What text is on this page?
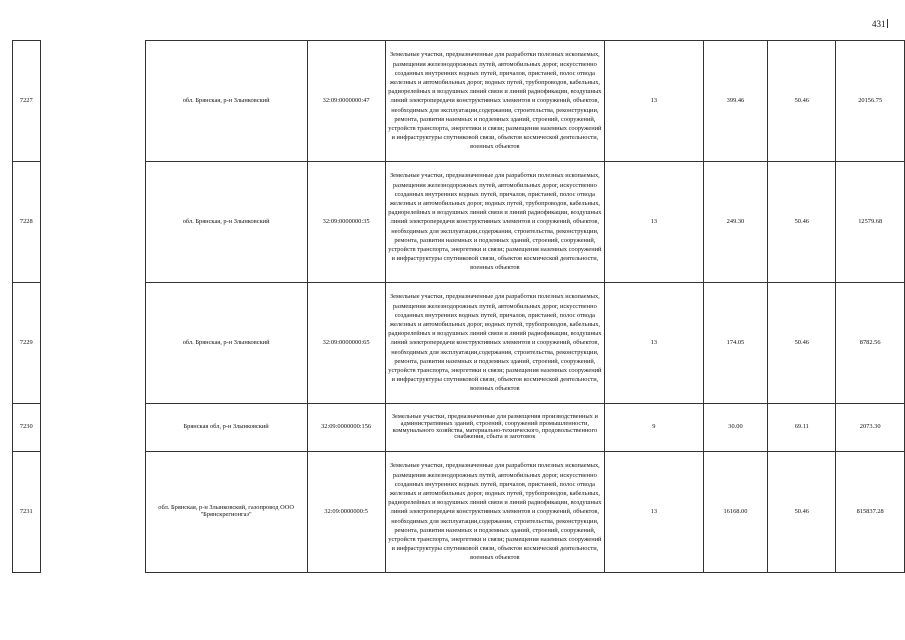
431
7227		обл. Брянская, р-н Злынковский	32:09:0000000:47	Земельные участки, предназначенные для разработки полезных ископаемых, размещения железнодорожных путей, автомобильных дорог, искусственно созданных внутренних водных путей, причалов, пристаней, полос отвода железных и автомобильных дорог, водных путей, трубопроводов, кабельных, радиорелейных и воздушных линий связи и линий радиофикации, воздушных линий электропередачи конструктивных элементов и сооружений, объектов, необходимых для эксплуатации,содержания, строительства, реконструкции, ремонта, развития наземных и подземных зданий, строений, сооружений, устройств транспорта, энергетики и связи; размещения наземных сооружений и инфраструктуры спутниковой связи, объектов космической деятельности, военных объектов	13	399.46	50.46	20156.75
7228		обл. Брянская, р-н Злынковский	32:09:0000000:35	Земельные участки, предназначенные для разработки полезных ископаемых, размещения железнодорожных путей, автомобильных дорог, искусственно созданных внутренних водных путей, причалов, пристаней, полос отвода железных и автомобильных дорог, водных путей, трубопроводов, кабельных, радиорелейных и воздушных линий связи и линий радиофикации, воздушных линий электропередачи конструктивных элементов и сооружений, объектов, необходимых для эксплуатации,содержания, строительства, реконструкции, ремонта, развития наземных и подземных зданий, строений, сооружений, устройств транспорта, энергетики и связи; размещения наземных сооружений и инфраструктуры спутниковой связи, объектов космической деятельности, военных объектов	13	249.30	50.46	12579.68
7229		обл. Брянская, р-н Злынковский	32:09:0000000:65	Земельные участки, предназначенные для разработки полезных ископаемых, размещения железнодорожных путей, автомобильных дорог, искусственно созданных внутренних водных путей, причалов, пристаней, полос отвода железных и автомобильных дорог, водных путей, трубопроводов, кабельных, радиорелейных и воздушных линий связи и линий радиофикации, воздушных линий электропередачи конструктивных элементов и сооружений, объектов, необходимых для эксплуатации,содержания, строительства, реконструкции, ремонта, развития наземных и подземных зданий, строений, сооружений, устройств транспорта, энергетики и связи; размещения наземных сооружений и инфраструктуры спутниковой связи, объектов космической деятельности, военных объектов	13	174.05	50.46	8782.56
7230		Брянская обл, р-н Злынковский	32:09:0000000:156	Земельные участки, предназначенные для размещения производственных и административных зданий, строений, сооружений промышленности, коммунального хозяйства, материально-технического, продовольственного снабжения, сбыта и заготовок	9	30.00	69.11	2073.30
7231		обл. Брянская, р-н Злынковский, газопровод ООО "Брянскрегионгаз"	32:09:0000000:5	Земельные участки, предназначенные для разработки полезных ископаемых, размещения железнодорожных путей, автомобильных дорог, искусственно созданных внутренних водных путей, причалов, пристаней, полос отвода железных и автомобильных дорог, водных путей, трубопроводов, кабельных, радиорелейных и воздушных линий связи и линий радиофикации, воздушных линий электропередачи конструктивных элементов и сооружений, объектов, необходимых для эксплуатации,содержания, строительства, реконструкции, ремонта, развития наземных и подземных зданий, строений, сооружений, устройств транспорта, энергетики и связи; размещения наземных сооружений и инфраструктуры спутниковой связи, объектов космической деятельности, военных объектов	13	16168.00	50.46	815837.28
